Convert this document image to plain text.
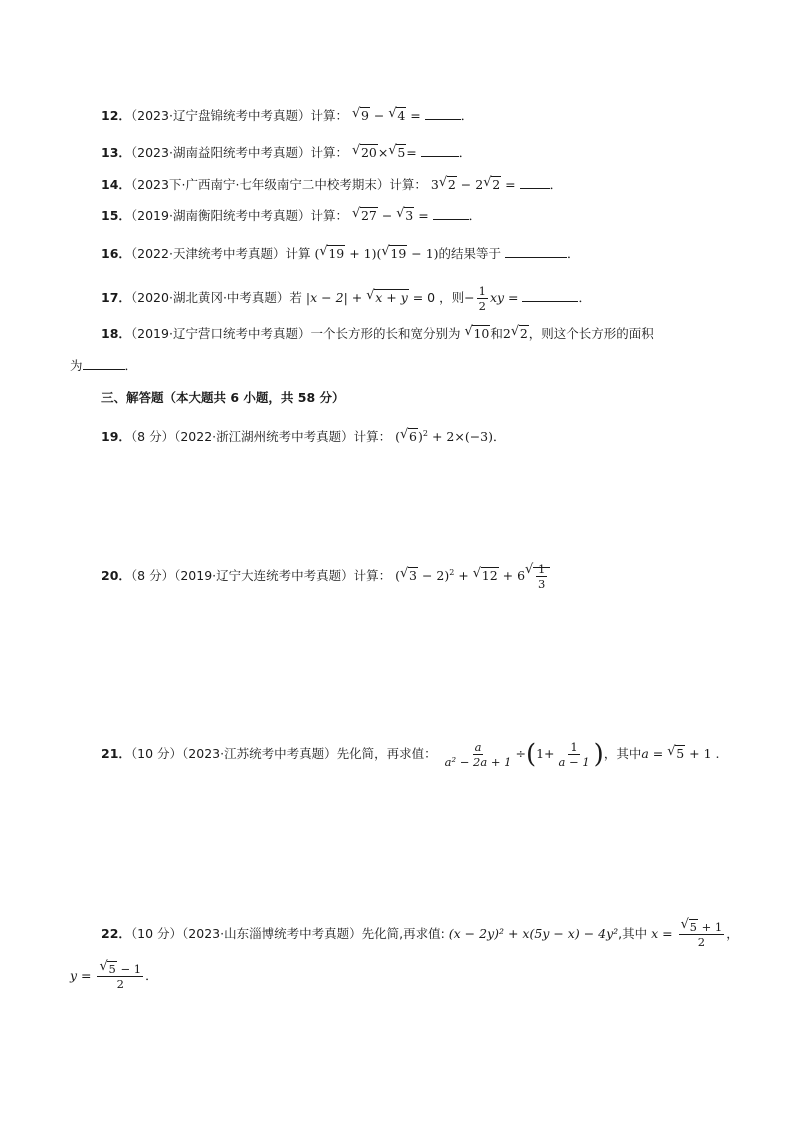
12．（2023·辽宁盘锦统考中考真题）计算： √ 9 − √ 4 =	．
13．（2023·湖南益阳统考中考真题）计算： √ 20× √ 5=	．
14．（2023下·广西南宁·七年级南宁二中校考期末）计算： 3 √ 2 − 2 √ 2 =	．
15．（2019·湖南衡阳统考中考真题）计算： √ 27 − √ 3 =	．
16．（2022·天津统考中考真题）计算 ( √ 19 + 1)( √ 19 − 1)的结果等于	．
17．（2020·湖北黄冈·中考真题）若 |x − 2| + √ x + y = 0 ，则− $\frac{1}{2}$ xy =	．
18．（2019·辽宁营口统考中考真题）一个长方形的长和宽分别为 √ 10和2 √ 2，则这个长方形的面积
为	．
三、解答题（本大题共 6 小题，共 58 分）
19．（8 分）（2022·浙江湖州统考中考真题）计算： ( √ 6)$^2$ + 2×(−3)．
20．（8 分）（2019·辽宁大连统考中考真题）计算： ( √ 3 − 2)$^2$ + √ 12 + 6 √ $\frac{1}{3}$
21．（10 分）（2023·江苏统考中考真题）先化简，再求值： $\frac{a}{\text{a² − 2a + 1}} \div(1+ \frac{1}{a - 1}$ )，其中a = √ 5 + 1 .
22．（10 分）（2023·山东淄博统考中考真题）先化简,再求值: (x − 2y)² + x(5y − x) − 4y²,其中 $x = \frac{√ 5 + 1}{2}$ ，
$y = \frac{√ 5 - 1}{2}$ ．
